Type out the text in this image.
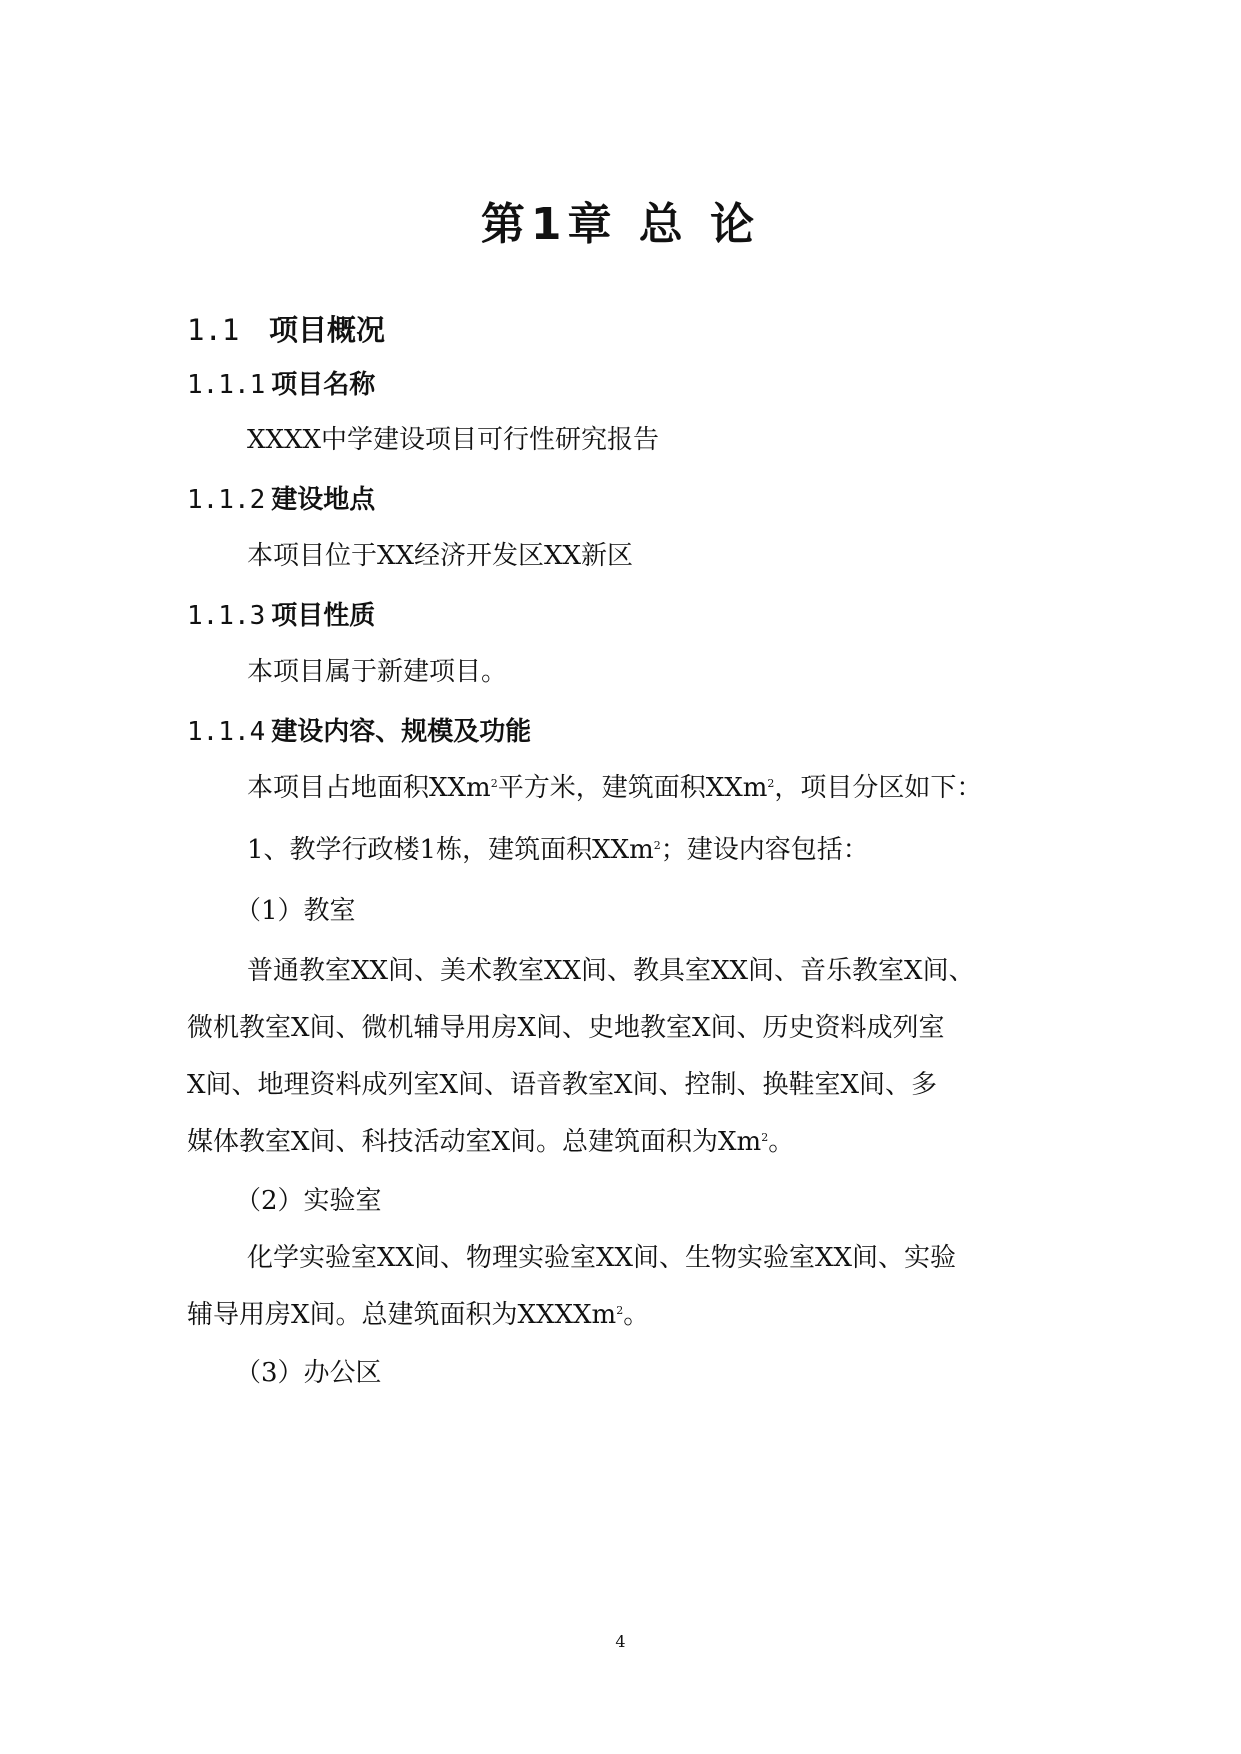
第1章 总 论
1.1 项目概况
1.1.1 项目名称
XXXX中学建设项目可行性研究报告
1.1.2 建设地点
本项目位于XX经济开发区XX新区
1.1.3 项目性质
本项目属于新建项目。
1.1.4 建设内容、规模及功能
本项目占地面积XXm$^2$平方米，建筑面积XXm$^2$，项目分区如下：
1、教学行政楼1栋，建筑面积XXm$^2$；建设内容包括：
（1）教室
普通教室XX间、美术教室XX间、教具室XX间、音乐教室X间、
微机教室X间、微机辅导用房X间、史地教室X间、历史资料成列室
X间、地理资料成列室X间、语音教室X间、控制、换鞋室X间、多
媒体教室X间、科技活动室X间。总建筑面积为Xm$^2$。
（2）实验室
化学实验室XX间、物理实验室XX间、生物实验室XX间、实验
辅导用房X间。总建筑面积为XXXXm$^2$。
（3）办公区
4
